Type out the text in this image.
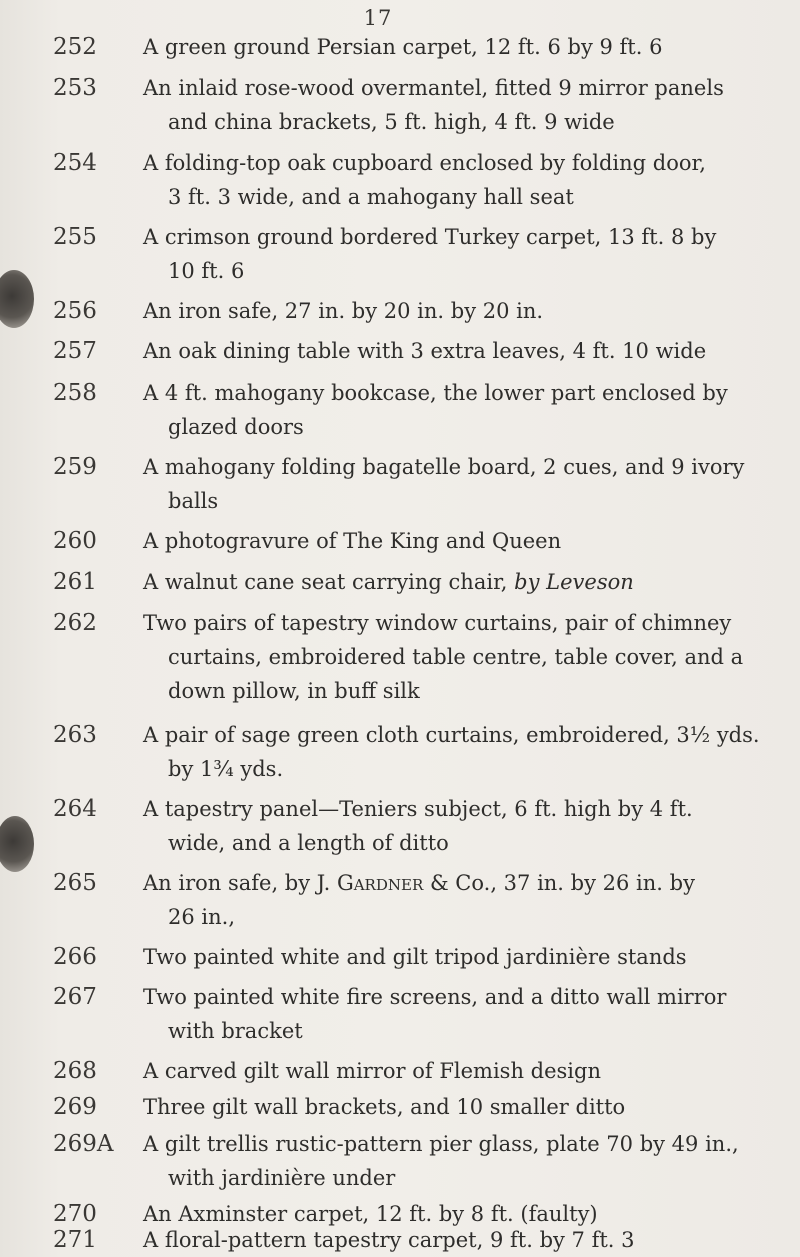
17
252	A green ground Persian carpet, 12 ft. 6 by 9 ft. 6
253	An inlaid rose-wood overmantel, fitted 9 mirror panels
and china brackets, 5 ft. high, 4 ft. 9 wide
254	A folding-top oak cupboard enclosed by folding door,
3 ft. 3 wide, and a mahogany hall seat
255	A crimson ground bordered Turkey carpet, 13 ft. 8 by
10 ft. 6
256	An iron safe, 27 in. by 20 in. by 20 in.
257	An oak dining table with 3 extra leaves, 4 ft. 10 wide
258	A 4 ft. mahogany bookcase, the lower part enclosed by
glazed doors
259	A mahogany folding bagatelle board, 2 cues, and 9 ivory
balls
260	A photogravure of The King and Queen
261	A walnut cane seat carrying chair, by Leveson
262	Two pairs of tapestry window curtains, pair of chimney
curtains, embroidered table centre, table cover, and a
down pillow, in buff silk
263	A pair of sage green cloth curtains, embroidered, 3½ yds.
by 1¾ yds.
264	A tapestry panel—Teniers subject, 6 ft. high by 4 ft.
wide, and a length of ditto
265	An iron safe, by J. Gardner & Co., 37 in. by 26 in. by
26 in.,
266	Two painted white and gilt tripod jardinière stands
267	Two painted white fire screens, and a ditto wall mirror
with bracket
268	A carved gilt wall mirror of Flemish design
269	Three gilt wall brackets, and 10 smaller ditto
269A A gilt trellis rustic-pattern pier glass, plate 70 by 49 in.,
with jardinière under
270	An Axminster carpet, 12 ft. by 8 ft. (faulty)
271	A floral-pattern tapestry carpet, 9 ft. by 7 ft. 3
